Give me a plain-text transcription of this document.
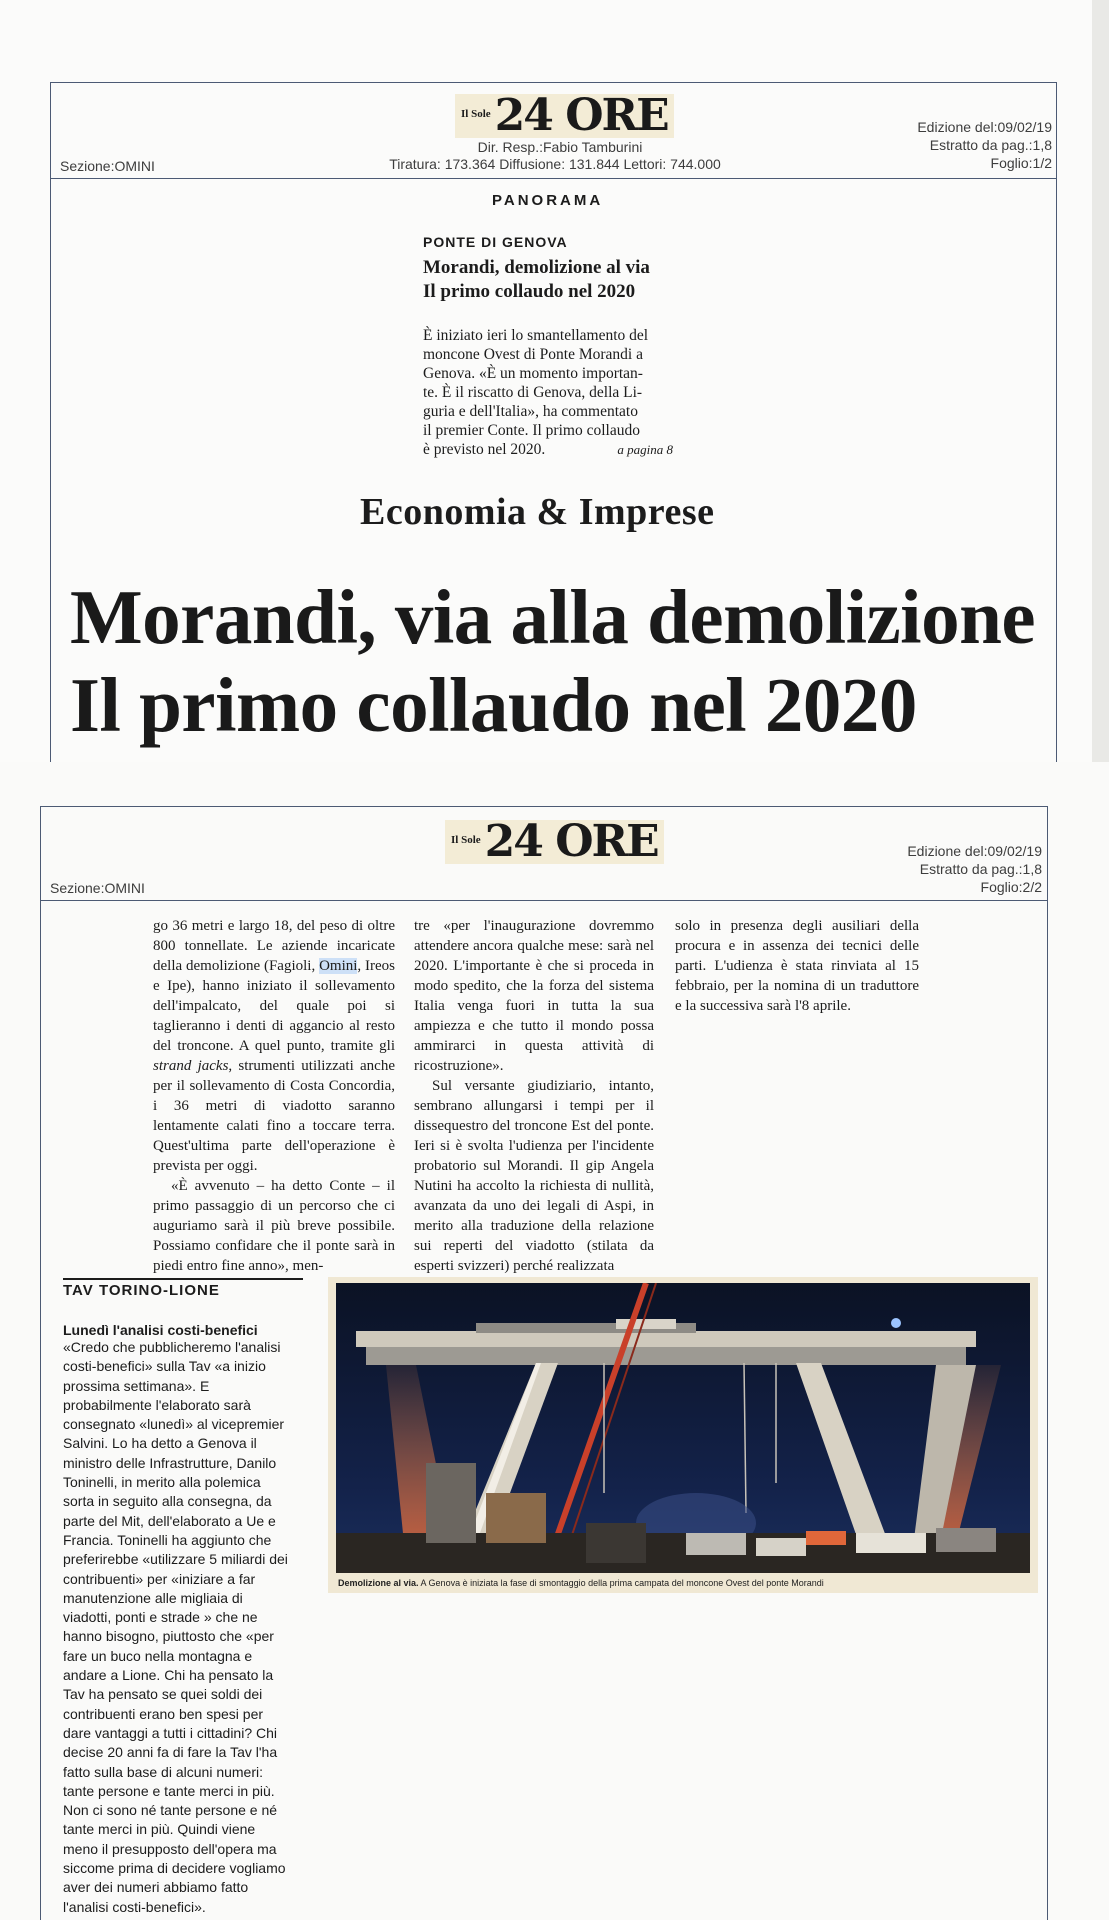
Il Sole 24 ORE
Dir. Resp.:Fabio Tamburini
Tiratura: 173.364 Diffusione: 131.844 Lettori: 744.000
Sezione:OMINI
Edizione del:09/02/19
Estratto da pag.:1,8
Foglio:1/2
PANORAMA
PONTE DI GENOVA
Morandi, demolizione al via
Il primo collaudo nel 2020
È iniziato ieri lo smantellamento del
moncone Ovest di Ponte Morandi a
Genova. «È un momento importan-
te. È il riscatto di Genova, della Li-
guria e dell'Italia», ha commentato
il premier Conte. Il primo collaudo
è previsto nel 2020.	a pagina 8
Economia & Imprese
Morandi, via alla demolizione
Il primo collaudo nel 2020
Il Sole 24 ORE
Sezione:OMINI
Edizione del:09/02/19
Estratto da pag.:1,8
Foglio:2/2

go 36 metri e largo 18, del peso di oltre 800 tonnellate. Le aziende incaricate della demolizione (Fagioli, Omini, Ireos e Ipe), hanno iniziato il sollevamento dell'impalcato, del quale poi si taglieranno i denti di aggancio al resto del troncone. A quel punto, tramite gli strand jacks, strumenti utilizzati anche per il sollevamento di Costa Concordia, i 36 metri di viadotto saranno lentamente calati fino a toccare terra. Quest'ultima parte dell'operazione è prevista per oggi.

«È avvenuto – ha detto Conte – il primo passaggio di un percorso che ci auguriamo sarà il più breve possibile. Possiamo confidare che il ponte sarà in piedi entro fine anno», men-

tre «per l'inaugurazione dovremmo attendere ancora qualche mese: sarà nel 2020. L'importante è che si proceda in modo spedito, che la forza del sistema Italia venga fuori in tutta la sua ampiezza e che tutto il mondo possa ammirarci in questa attività di ricostruzione».

Sul versante giudiziario, intanto, sembrano allungarsi i tempi per il dissequestro del troncone Est del ponte. Ieri si è svolta l'udienza per l'incidente probatorio sul Morandi. Il gip Angela Nutini ha accolto la richiesta di nullità, avanzata da uno dei legali di Aspi, in merito alla traduzione della relazione sui reperti del viadotto (stilata da esperti svizzeri) perché realizzata

solo in presenza degli ausiliari della procura e in assenza dei tecnici delle parti. L'udienza è stata rinviata al 15 febbraio, per la nomina di un traduttore e la successiva sarà l'8 aprile.

TAV TORINO-LIONE
Lunedì l'analisi costi-benefici
«Credo che pubblicheremo l'analisi
costi-benefici» sulla Tav «a inizio
prossima settimana». E
probabilmente l'elaborato sarà
consegnato «lunedì» al vicepremier
Salvini. Lo ha detto a Genova il
ministro delle Infrastrutture, Danilo
Toninelli, in merito alla polemica
sorta in seguito alla consegna, da
parte del Mit, dell'elaborato a Ue e
Francia. Toninelli ha aggiunto che
preferirebbe «utilizzare 5 miliardi dei
contribuenti» per «iniziare a far
manutenzione alle migliaia di
viadotti, ponti e strade » che ne
hanno bisogno, piuttosto che «per
fare un buco nella montagna e
andare a Lione. Chi ha pensato la
Tav ha pensato se quei soldi dei
contribuenti erano ben spesi per
dare vantaggi a tutti i cittadini? Chi
decise 20 anni fa di fare la Tav l'ha
fatto sulla base di alcuni numeri:
tante persone e tante merci in più.
Non ci sono né tante persone e né
tante merci in più. Quindi viene
meno il presupposto dell'opera ma
siccome prima di decidere vogliamo
aver dei numeri abbiamo fatto
l'analisi costi-benefici».
Demolizione al via. A Genova è iniziata la fase di smontaggio della prima campata del moncone Ovest del ponte Morandi
